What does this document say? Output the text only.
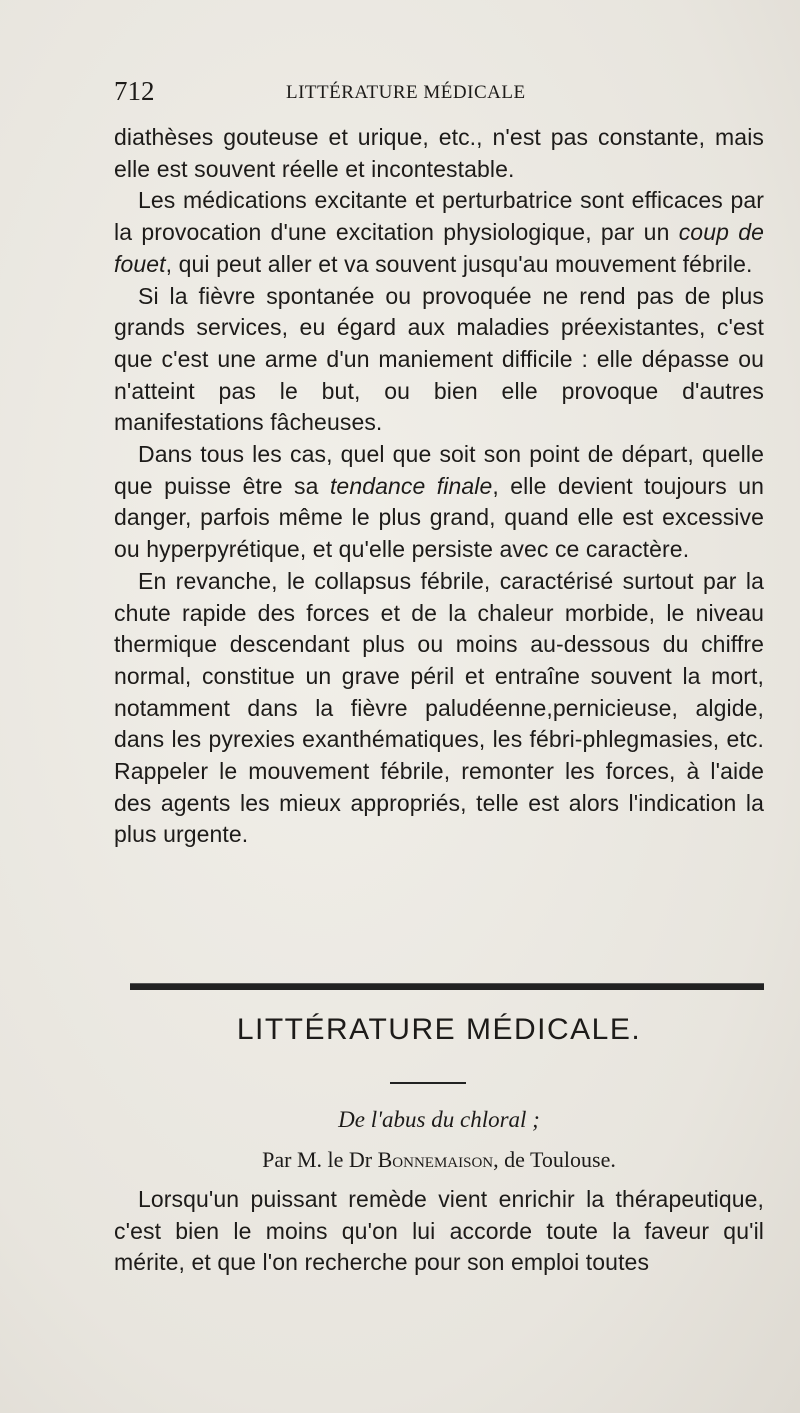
712	LITTÉRATURE MÉDICALE

diathèses gouteuse et urique, etc., n'est pas constante, mais elle est souvent réelle et incontestable.

Les médications excitante et perturbatrice sont efficaces par la provocation d'une excitation physiologique, par un coup de fouet, qui peut aller et va souvent jusqu'au mouvement fébrile.

Si la fièvre spontanée ou provoquée ne rend pas de plus grands services, eu égard aux maladies préexistantes, c'est que c'est une arme d'un maniement difficile : elle dépasse ou n'atteint pas le but, ou bien elle provoque d'autres manifestations fâcheuses.

Dans tous les cas, quel que soit son point de départ, quelle que puisse être sa tendance finale, elle devient toujours un danger, parfois même le plus grand, quand elle est excessive ou hyperpyrétique, et qu'elle persiste avec ce caractère.

En revanche, le collapsus fébrile, caractérisé surtout par la chute rapide des forces et de la chaleur morbide, le niveau thermique descendant plus ou moins au-dessous du chiffre normal, constitue un grave péril et entraîne souvent la mort, notamment dans la fièvre paludéenne,pernicieuse, algide, dans les pyrexies exanthématiques, les fébri-phlegmasies, etc. Rappeler le mouvement fébrile, remonter les forces, à l'aide des agents les mieux appropriés, telle est alors l'indication la plus urgente.

LITTÉRATURE MÉDICALE.
De l'abus du chloral ;
Par M. le Dr Bonnemaison, de Toulouse.

Lorsqu'un puissant remède vient enrichir la thérapeutique, c'est bien le moins qu'on lui accorde toute la faveur qu'il mérite, et que l'on recherche pour son emploi toutes
